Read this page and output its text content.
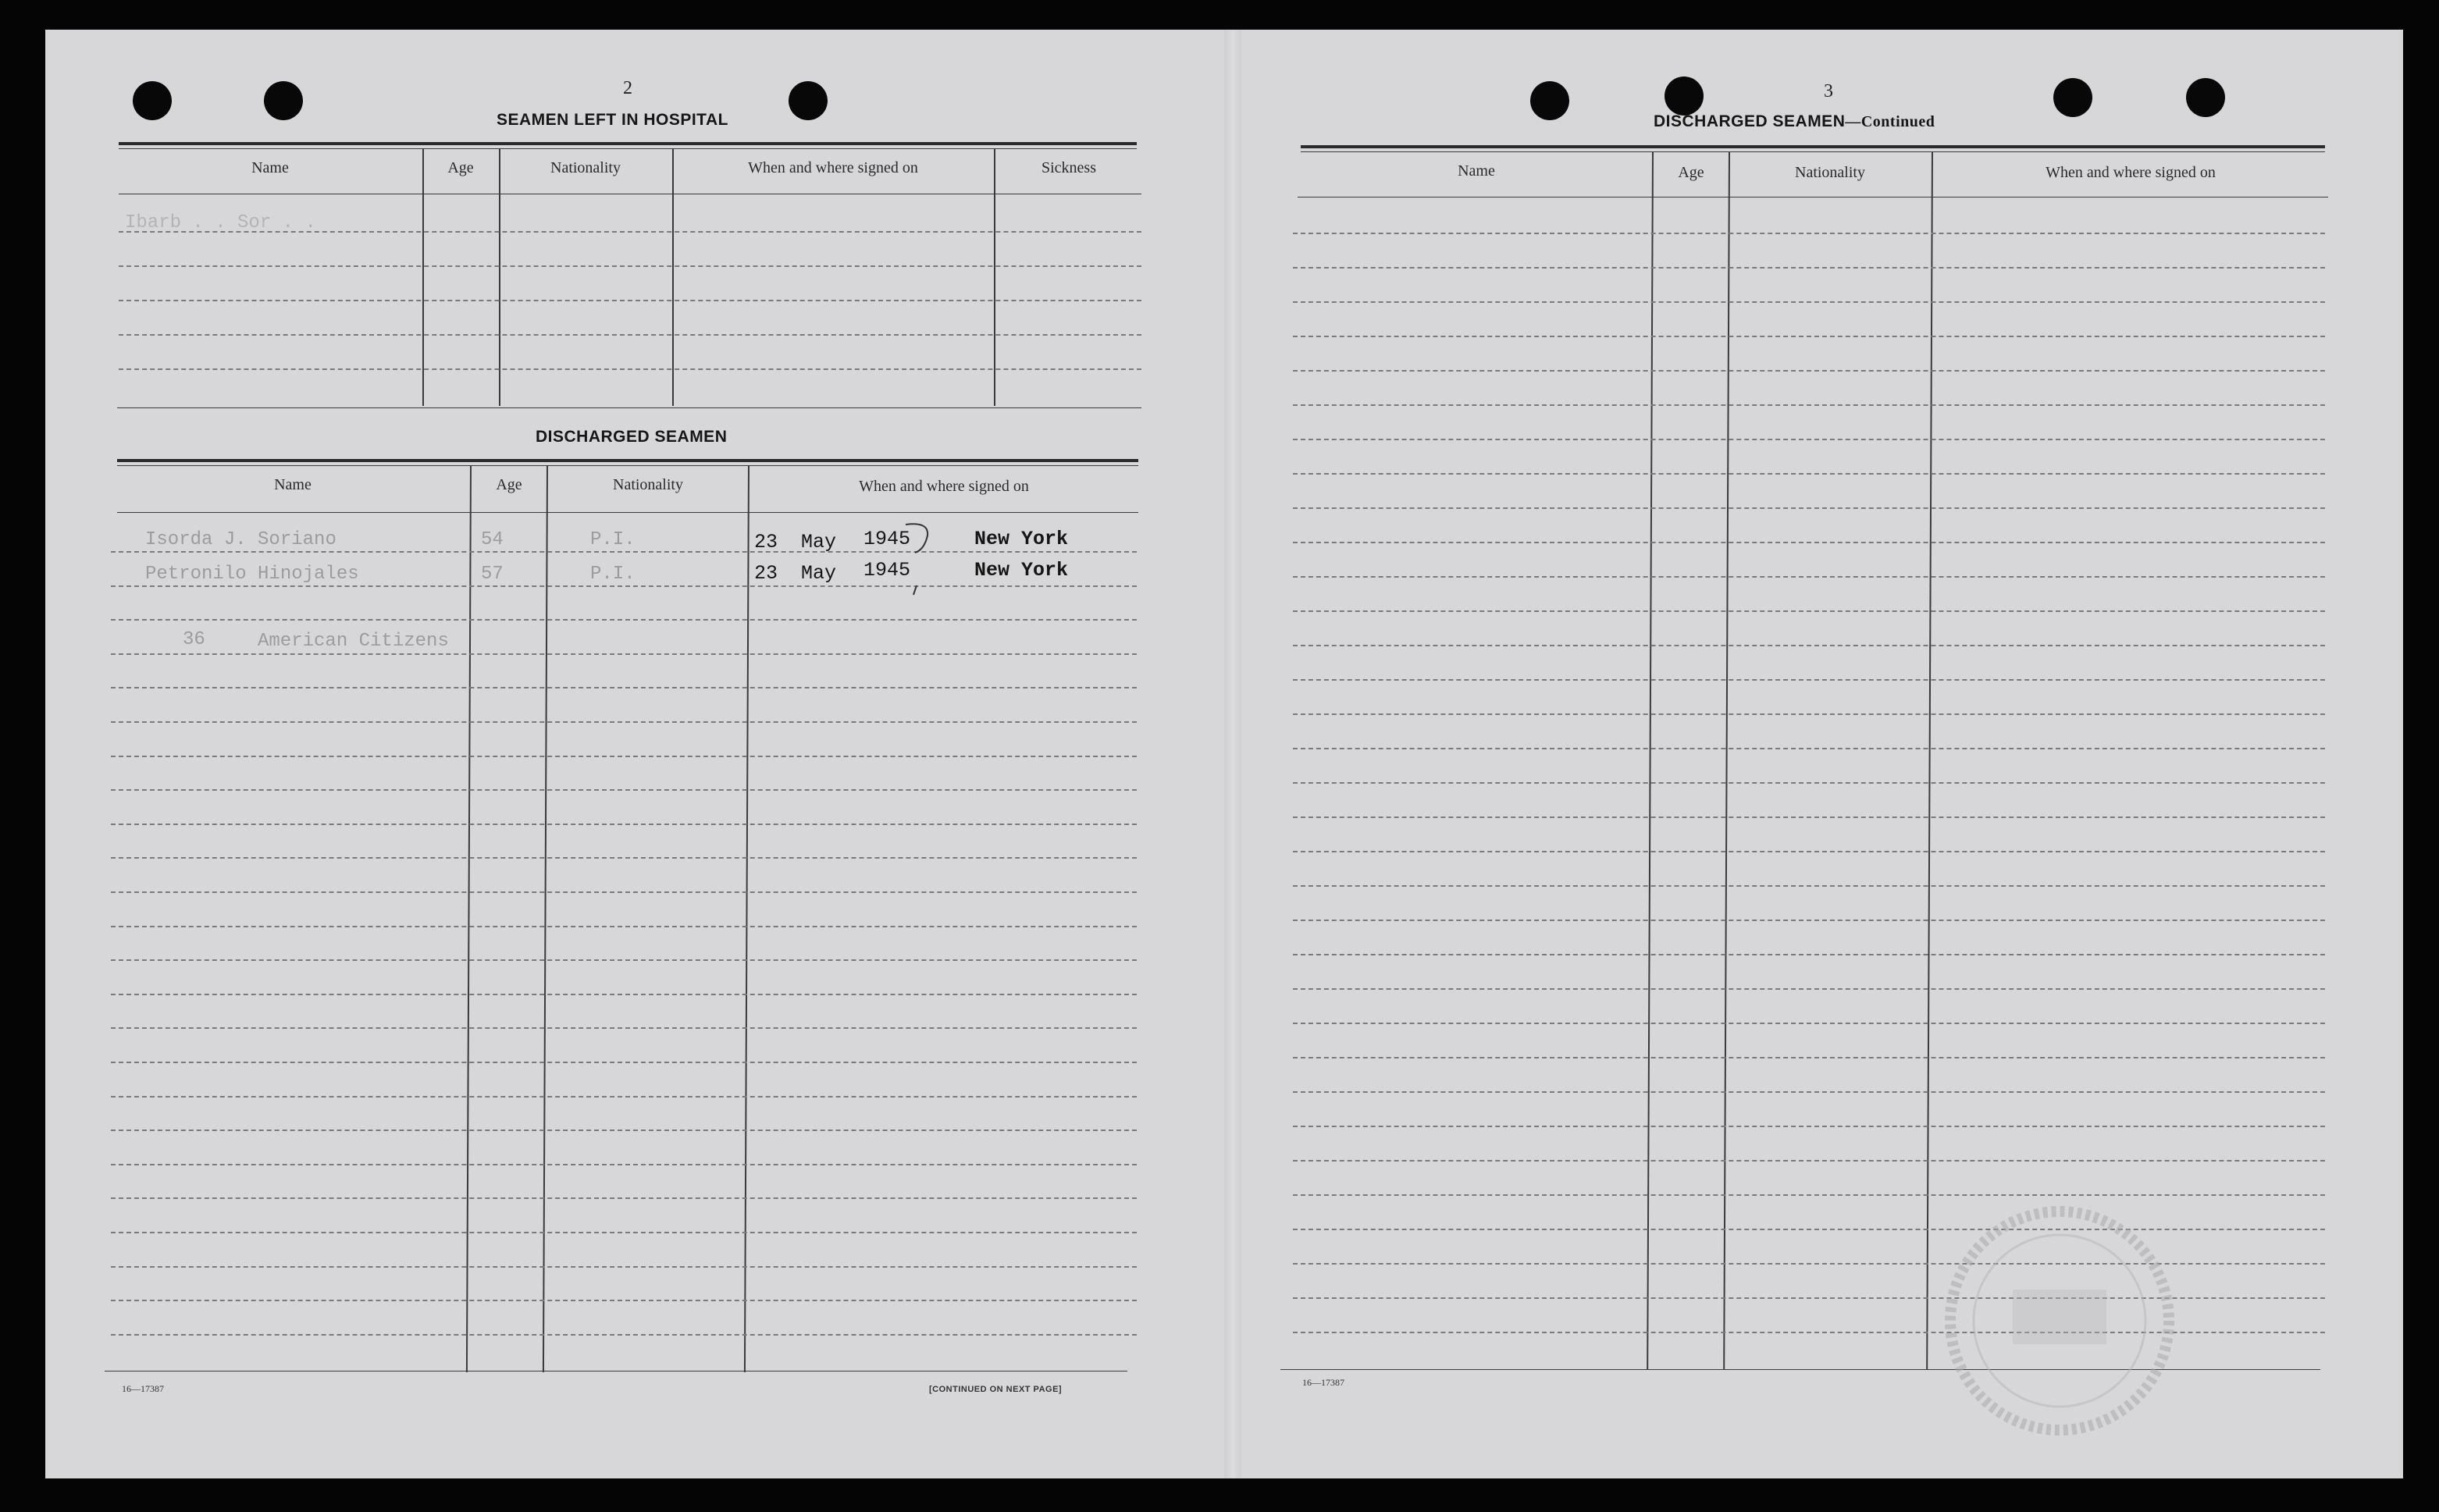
2
SEAMEN LEFT IN HOSPITAL
Name	Age	Nationality	When and where signed on	Sickness
Ibarb . . Sor . .
DISCHARGED SEAMEN
Name	Age	Nationality	When and where signed on
Isorda J. Soriano	54	P.I.	23 May 1945	New York
Petronilo Hinojales	57	P.I.	23 May 1945	New York
36	American Citizens
16—17387	[CONTINUED ON NEXT PAGE]
3
DISCHARGED SEAMEN—Continued
Name	Age	Nationality	When and where signed on
16—17387
